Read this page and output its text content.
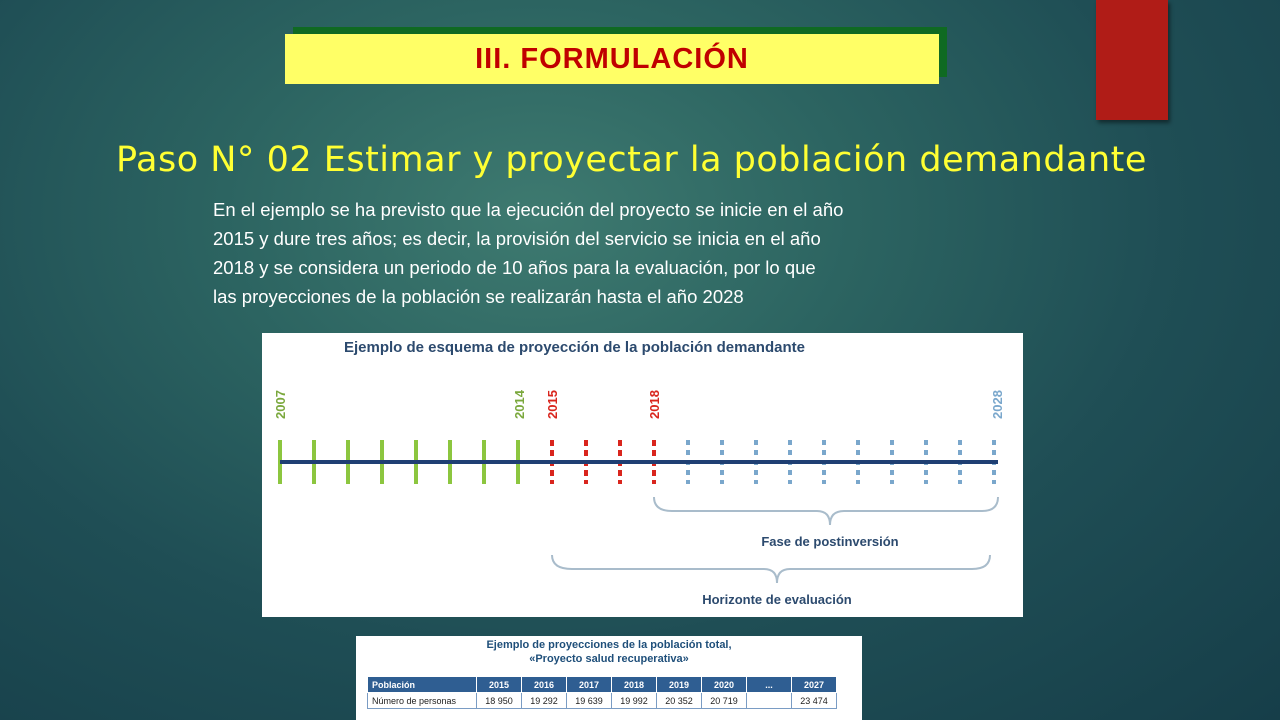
III. FORMULACIÓN
Paso N° 02 Estimar y proyectar la población demandante

En el ejemplo se ha previsto que la ejecución del proyecto se inicie en el año
2015 y dure tres años; es decir, la provisión del servicio se inicia en el año
2018 y se considera un periodo de 10 años para la evaluación, por lo que
las proyecciones de la población se realizarán hasta el año 2028

Ejemplo de esquema de proyección de la población demandante
2007	2014 2015	2018	2028
Fase de postinversión
Horizonte de evaluación
Ejemplo de proyecciones de la población total,
«Proyecto salud recuperativa»
Población	2015	2016	2017	2018	2019	2020	...	2027
Número de personas	18 950	19 292	19 639	19 992	20 352	20 719		23 474
